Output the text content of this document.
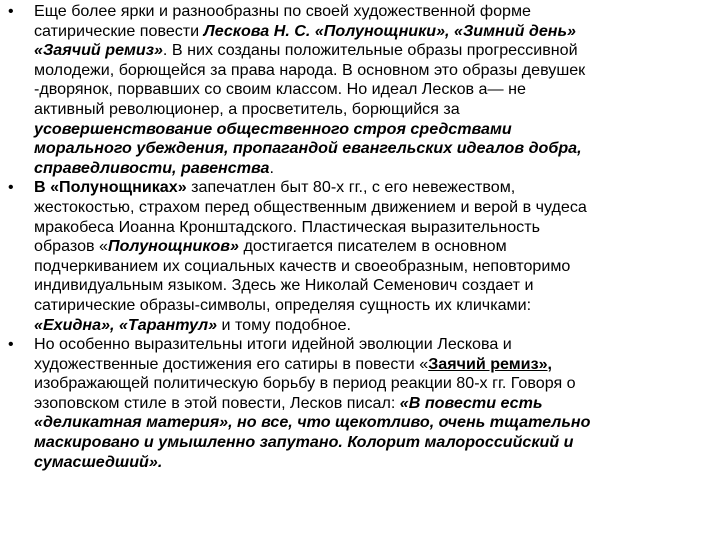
• Еще более ярки и разнообразны по своей художественной форме
сатирические повести Лескова Н. С. «Полунощники», «Зимний день»
«Заячий ремиз». В них созданы положительные образы прогрессивной
молодежи, борющейся за права народа. В основном это образы девушек
-дворянок, порвавших со своим классом. Но идеал Лесков а— не
активный революционер, а просветитель, борющийся за
усовершенствование общественного строя средствами
морального убеждения, пропагандой евангельских идеалов добра,
справедливости, равенства.
• В «Полунощниках» запечатлен быт 80-х гг., с его невежеством,
жестокостью, страхом перед общественным движением и верой в чудеса
мракобеса Иоанна Кронштадского. Пластическая выразительность
образов «Полунощников» достигается писателем в основном
подчеркиванием их социальных качеств и своеобразным, неповторимо
индивидуальным языком. Здесь же Николай Семенович создает и
сатирические образы-символы, определяя сущность их кличками:
«Ехидна», «Тарантул» и тому подобное.
• Но особенно выразительны итоги идейной эволюции Лескова и
художественные достижения его сатиры в повести «Заячий ремиз»,
изображающей политическую борьбу в период реакции 80-х гг. Говоря о
эзоповском стиле в этой повести, Лесков писал: «В повести есть
«деликатная материя», но все, что щекотливо, очень тщательно
маскировано и умышленно запутано. Колорит малороссийский и
сумасшедший».
